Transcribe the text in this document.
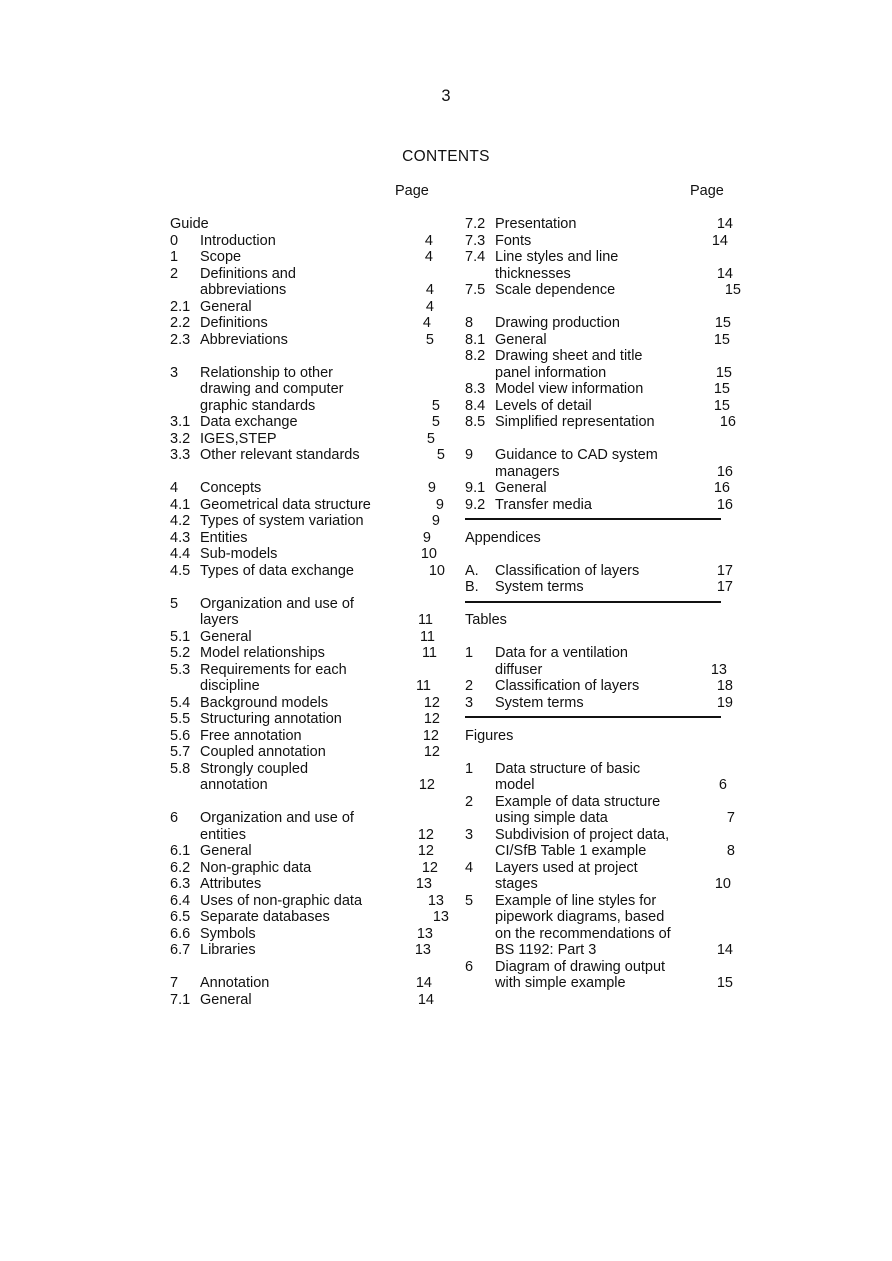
3
CONTENTS
Page	Page
Guide
0 Introduction	4
1 Scope	4
2 Definitions and
abbreviations	4
2.1 General	4
2.2 Definitions	4
2.3 Abbreviations	5
3 Relationship to other
drawing and computer
graphic standards	5
3.1 Data exchange	5
3.2 IGES,STEP	5
3.3 Other relevant standards	5
4 Concepts	9
4.1 Geometrical data structure	9
4.2 Types of system variation	9
4.3 Entities	9
4.4 Sub-models	10
4.5 Types of data exchange	10
5 Organization and use of
layers	11
5.1 General	11
5.2 Model relationships	11
5.3 Requirements for each
discipline	11
5.4 Background models	12
5.5 Structuring annotation	12
5.6 Free annotation	12
5.7 Coupled annotation	12
5.8 Strongly coupled
annotation	12
6 Organization and use of
entities	12
6.1 General	12
6.2 Non-graphic data	12
6.3 Attributes	13
6.4 Uses of non-graphic data	13
6.5 Separate databases	13
6.6 Symbols	13
6.7 Libraries	13
7 Annotation	14
7.1 General	14
7.2 Presentation	14
7.3 Fonts	14
7.4 Line styles and line
thicknesses	14
7.5 Scale dependence	15
8 Drawing production	15
8.1 General	15
8.2 Drawing sheet and title
panel information	15
8.3 Model view information	15
8.4 Levels of detail	15
8.5 Simplified representation	16
9 Guidance to CAD system
managers	16
9.1 General	16
9.2 Transfer media	16
Appendices
A. Classification of layers	17
B. System terms	17
Tables
1 Data for a ventilation
diffuser	13
2 Classification of layers	18
3 System terms	19
Figures
1 Data structure of basic
model	6
2 Example of data structure
using simple data	7
3 Subdivision of project data,
CI/SfB Table 1 example	8
4 Layers used at project
stages	10
5 Example of line styles for
pipework diagrams, based
on the recommendations of
BS 1192: Part 3	14
6 Diagram of drawing output
with simple example	15
